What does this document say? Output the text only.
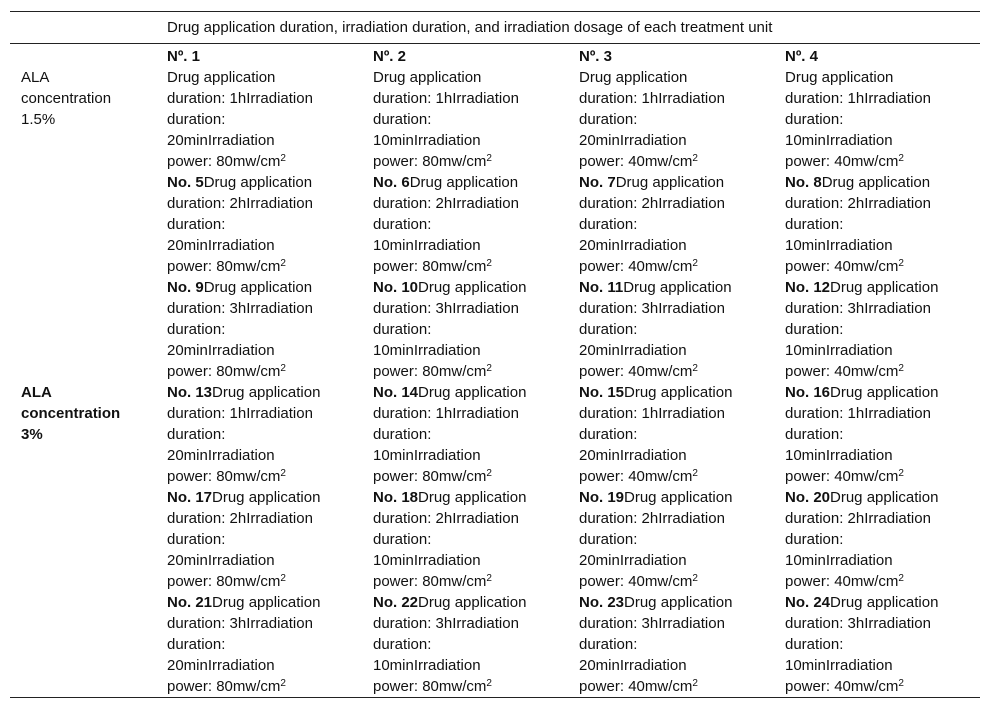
Drug application duration, irradiation duration, and irradiation dosage of each treatment unit				
	Nº. 1	Nº. 2	Nº. 3	Nº. 4

ALA
concentration
1.5%	Drug application
duration: 1hIrradiation
duration:
20minIrradiation
power: $80mw/cm^2$	Drug application
duration: 1hIrradiation
duration:
10minIrradiation
power: $80mw/cm^2$	Drug application
duration: 1hIrradiation
duration:
20minIrradiation
power: $40mw/cm^2$	Drug application
duration: 1hIrradiation
duration:
10minIrradiation
power: $40mw/cm^2$

	No. 5Drug application
duration: 2hIrradiation
duration:
20minIrradiation
power: $80mw/cm^2$	No. 6Drug application
duration: 2hIrradiation
duration:
10minIrradiation
power: $80mw/cm^2$	No. 7Drug application
duration: 2hIrradiation
duration:
20minIrradiation
power: $40mw/cm^2$	No. 8Drug application
duration: 2hIrradiation
duration:
10minIrradiation
power: $40mw/cm^2$

	No. 9Drug application
duration: 3hIrradiation
duration:
20minIrradiation
power: $80mw/cm^2$	No. 10Drug application
duration: 3hIrradiation
duration:
10minIrradiation
power: $80mw/cm^2$	No. 11Drug application
duration: 3hIrradiation
duration:
20minIrradiation
power: $40mw/cm^2$	No. 12Drug application
duration: 3hIrradiation
duration:
10minIrradiation
power: $40mw/cm^2$

ALA
concentration
3%	No. 13Drug application
duration: 1hIrradiation
duration:
20minIrradiation
power: $80mw/cm^2$	No. 14Drug application
duration: 1hIrradiation
duration:
10minIrradiation
power: $80mw/cm^2$	No. 15Drug application
duration: 1hIrradiation
duration:
20minIrradiation
power: $40mw/cm^2$	No. 16Drug application
duration: 1hIrradiation
duration:
10minIrradiation
power: $40mw/cm^2$

	No. 17Drug application
duration: 2hIrradiation
duration:
20minIrradiation
power: $80mw/cm^2$	No. 18Drug application
duration: 2hIrradiation
duration:
10minIrradiation
power: $80mw/cm^2$	No. 19Drug application
duration: 2hIrradiation
duration:
20minIrradiation
power: $40mw/cm^2$	No. 20Drug application
duration: 2hIrradiation
duration:
10minIrradiation
power: $40mw/cm^2$

	No. 21Drug application
duration: 3hIrradiation
duration:
20minIrradiation
power: $80mw/cm^2$	No. 22Drug application
duration: 3hIrradiation
duration:
10minIrradiation
power: $80mw/cm^2$	No. 23Drug application
duration: 3hIrradiation
duration:
20minIrradiation
power: $40mw/cm^2$	No. 24Drug application
duration: 3hIrradiation
duration:
10minIrradiation
power: $40mw/cm^2$
